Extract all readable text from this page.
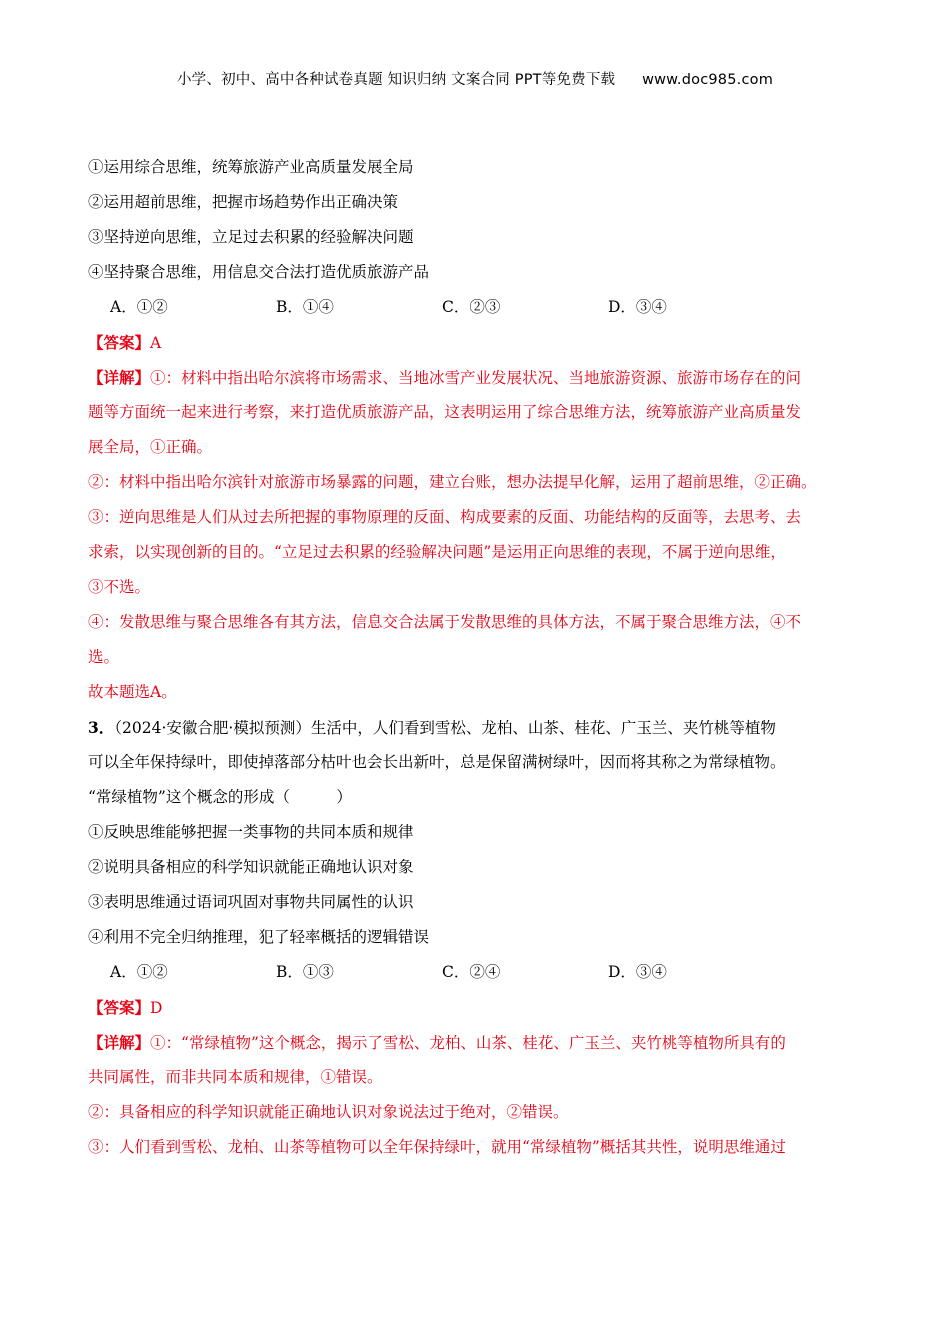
小学、初中、高中各种试卷真题 知识归纳 文案合同 PPT等免费下载 www.doc985.com
①运用综合思维，统筹旅游产业高质量发展全局
②运用超前思维，把握市场趋势作出正确决策
③坚持逆向思维，立足过去积累的经验解决问题
④坚持聚合思维，用信息交合法打造优质旅游产品
A．①②	B．①④	C．②③	D．③④
【答案】A
【详解】①：材料中指出哈尔滨将市场需求、当地冰雪产业发展状况、当地旅游资源、旅游市场存在的问
题等方面统一起来进行考察，来打造优质旅游产品，这表明运用了综合思维方法，统筹旅游产业高质量发
展全局，①正确。
②：材料中指出哈尔滨针对旅游市场暴露的问题，建立台账，想办法提早化解，运用了超前思维，②正确。
③：逆向思维是人们从过去所把握的事物原理的反面、构成要素的反面、功能结构的反面等，去思考、去
求索，以实现创新的目的。“立足过去积累的经验解决问题”是运用正向思维的表现，不属于逆向思维，
③不选。
④：发散思维与聚合思维各有其方法，信息交合法属于发散思维的具体方法，不属于聚合思维方法，④不
选。
故本题选A。
3．（2024·安徽合肥·模拟预测）生活中，人们看到雪松、龙柏、山茶、桂花、广玉兰、夹竹桃等植物
可以全年保持绿叶，即使掉落部分枯叶也会长出新叶，总是保留满树绿叶，因而将其称之为常绿植物。
“常绿植物”这个概念的形成（　　　）
①反映思维能够把握一类事物的共同本质和规律
②说明具备相应的科学知识就能正确地认识对象
③表明思维通过语词巩固对事物共同属性的认识
④利用不完全归纳推理，犯了轻率概括的逻辑错误
A．①②	B．①③	C．②④	D．③④
【答案】D
【详解】①：“常绿植物”这个概念，揭示了雪松、龙柏、山茶、桂花、广玉兰、夹竹桃等植物所具有的
共同属性，而非共同本质和规律，①错误。
②：具备相应的科学知识就能正确地认识对象说法过于绝对，②错误。
③：人们看到雪松、龙柏、山茶等植物可以全年保持绿叶，就用“常绿植物”概括其共性，说明思维通过
